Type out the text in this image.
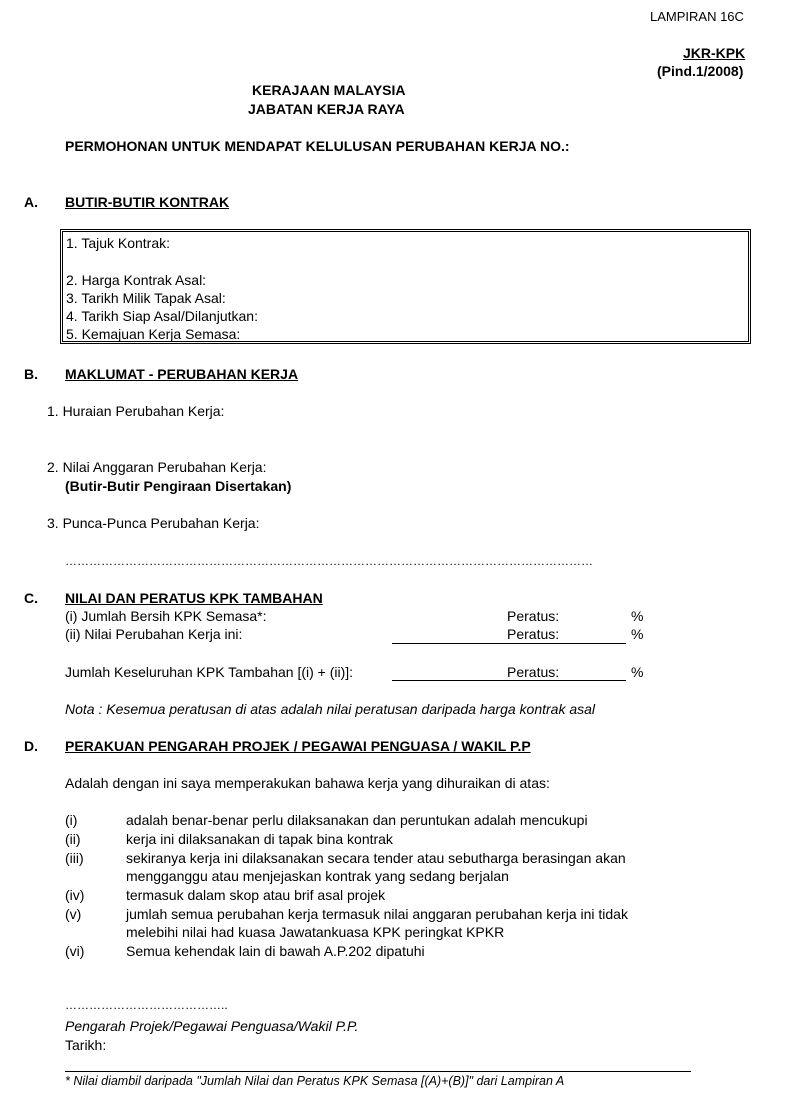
LAMPIRAN 16C
JKR-KPK
(Pind.1/2008)
KERAJAAN MALAYSIA
JABATAN KERJA RAYA
PERMOHONAN UNTUK MENDAPAT KELULUSAN PERUBAHAN KERJA NO.:
A. BUTIR-BUTIR KONTRAK
1. Tajuk Kontrak:
2. Harga Kontrak Asal:
3. Tarikh Milik Tapak Asal:
4. Tarikh Siap Asal/Dilanjutkan:
5. Kemajuan Kerja Semasa:
B. MAKLUMAT - PERUBAHAN KERJA
1. Huraian Perubahan Kerja:
2. Nilai Anggaran Perubahan Kerja:
(Butir-Butir Pengiraan Disertakan)
3. Punca-Punca Perubahan Kerja:
……………………………………………………………………………………………………………………
C. NILAI DAN PERATUS KPK TAMBAHAN
(i) Jumlah Bersih KPK Semasa*:	Peratus:	%
(ii) Nilai Perubahan Kerja ini:	Peratus:	%
Jumlah Keseluruhan KPK Tambahan [(i) + (ii)]:	Peratus:	%
Nota : Kesemua peratusan di atas adalah nilai peratusan daripada harga kontrak asal
D. PERAKUAN PENGARAH PROJEK / PEGAWAI PENGUASA / WAKIL P.P
Adalah dengan ini saya memperakukan bahawa kerja yang dihuraikan di atas:
(i)	adalah benar-benar perlu dilaksanakan dan peruntukan adalah mencukupi
(ii)	kerja ini dilaksanakan di tapak bina kontrak
(iii)	sekiranya kerja ini dilaksanakan secara tender atau sebutharga berasingan akan
mengganggu atau menjejaskan kontrak yang sedang berjalan
(iv)	termasuk dalam skop atau brif asal projek
(v)	jumlah semua perubahan kerja termasuk nilai anggaran perubahan kerja ini tidak
melebihi nilai had kuasa Jawatankuasa KPK peringkat KPKR
(vi)	Semua kehendak lain di bawah A.P.202 dipatuhi
…………………………………..
Pengarah Projek/Pegawai Penguasa/Wakil P.P.
Tarikh:
* Nilai diambil daripada "Jumlah Nilai dan Peratus KPK Semasa [(A)+(B)]" dari Lampiran A
